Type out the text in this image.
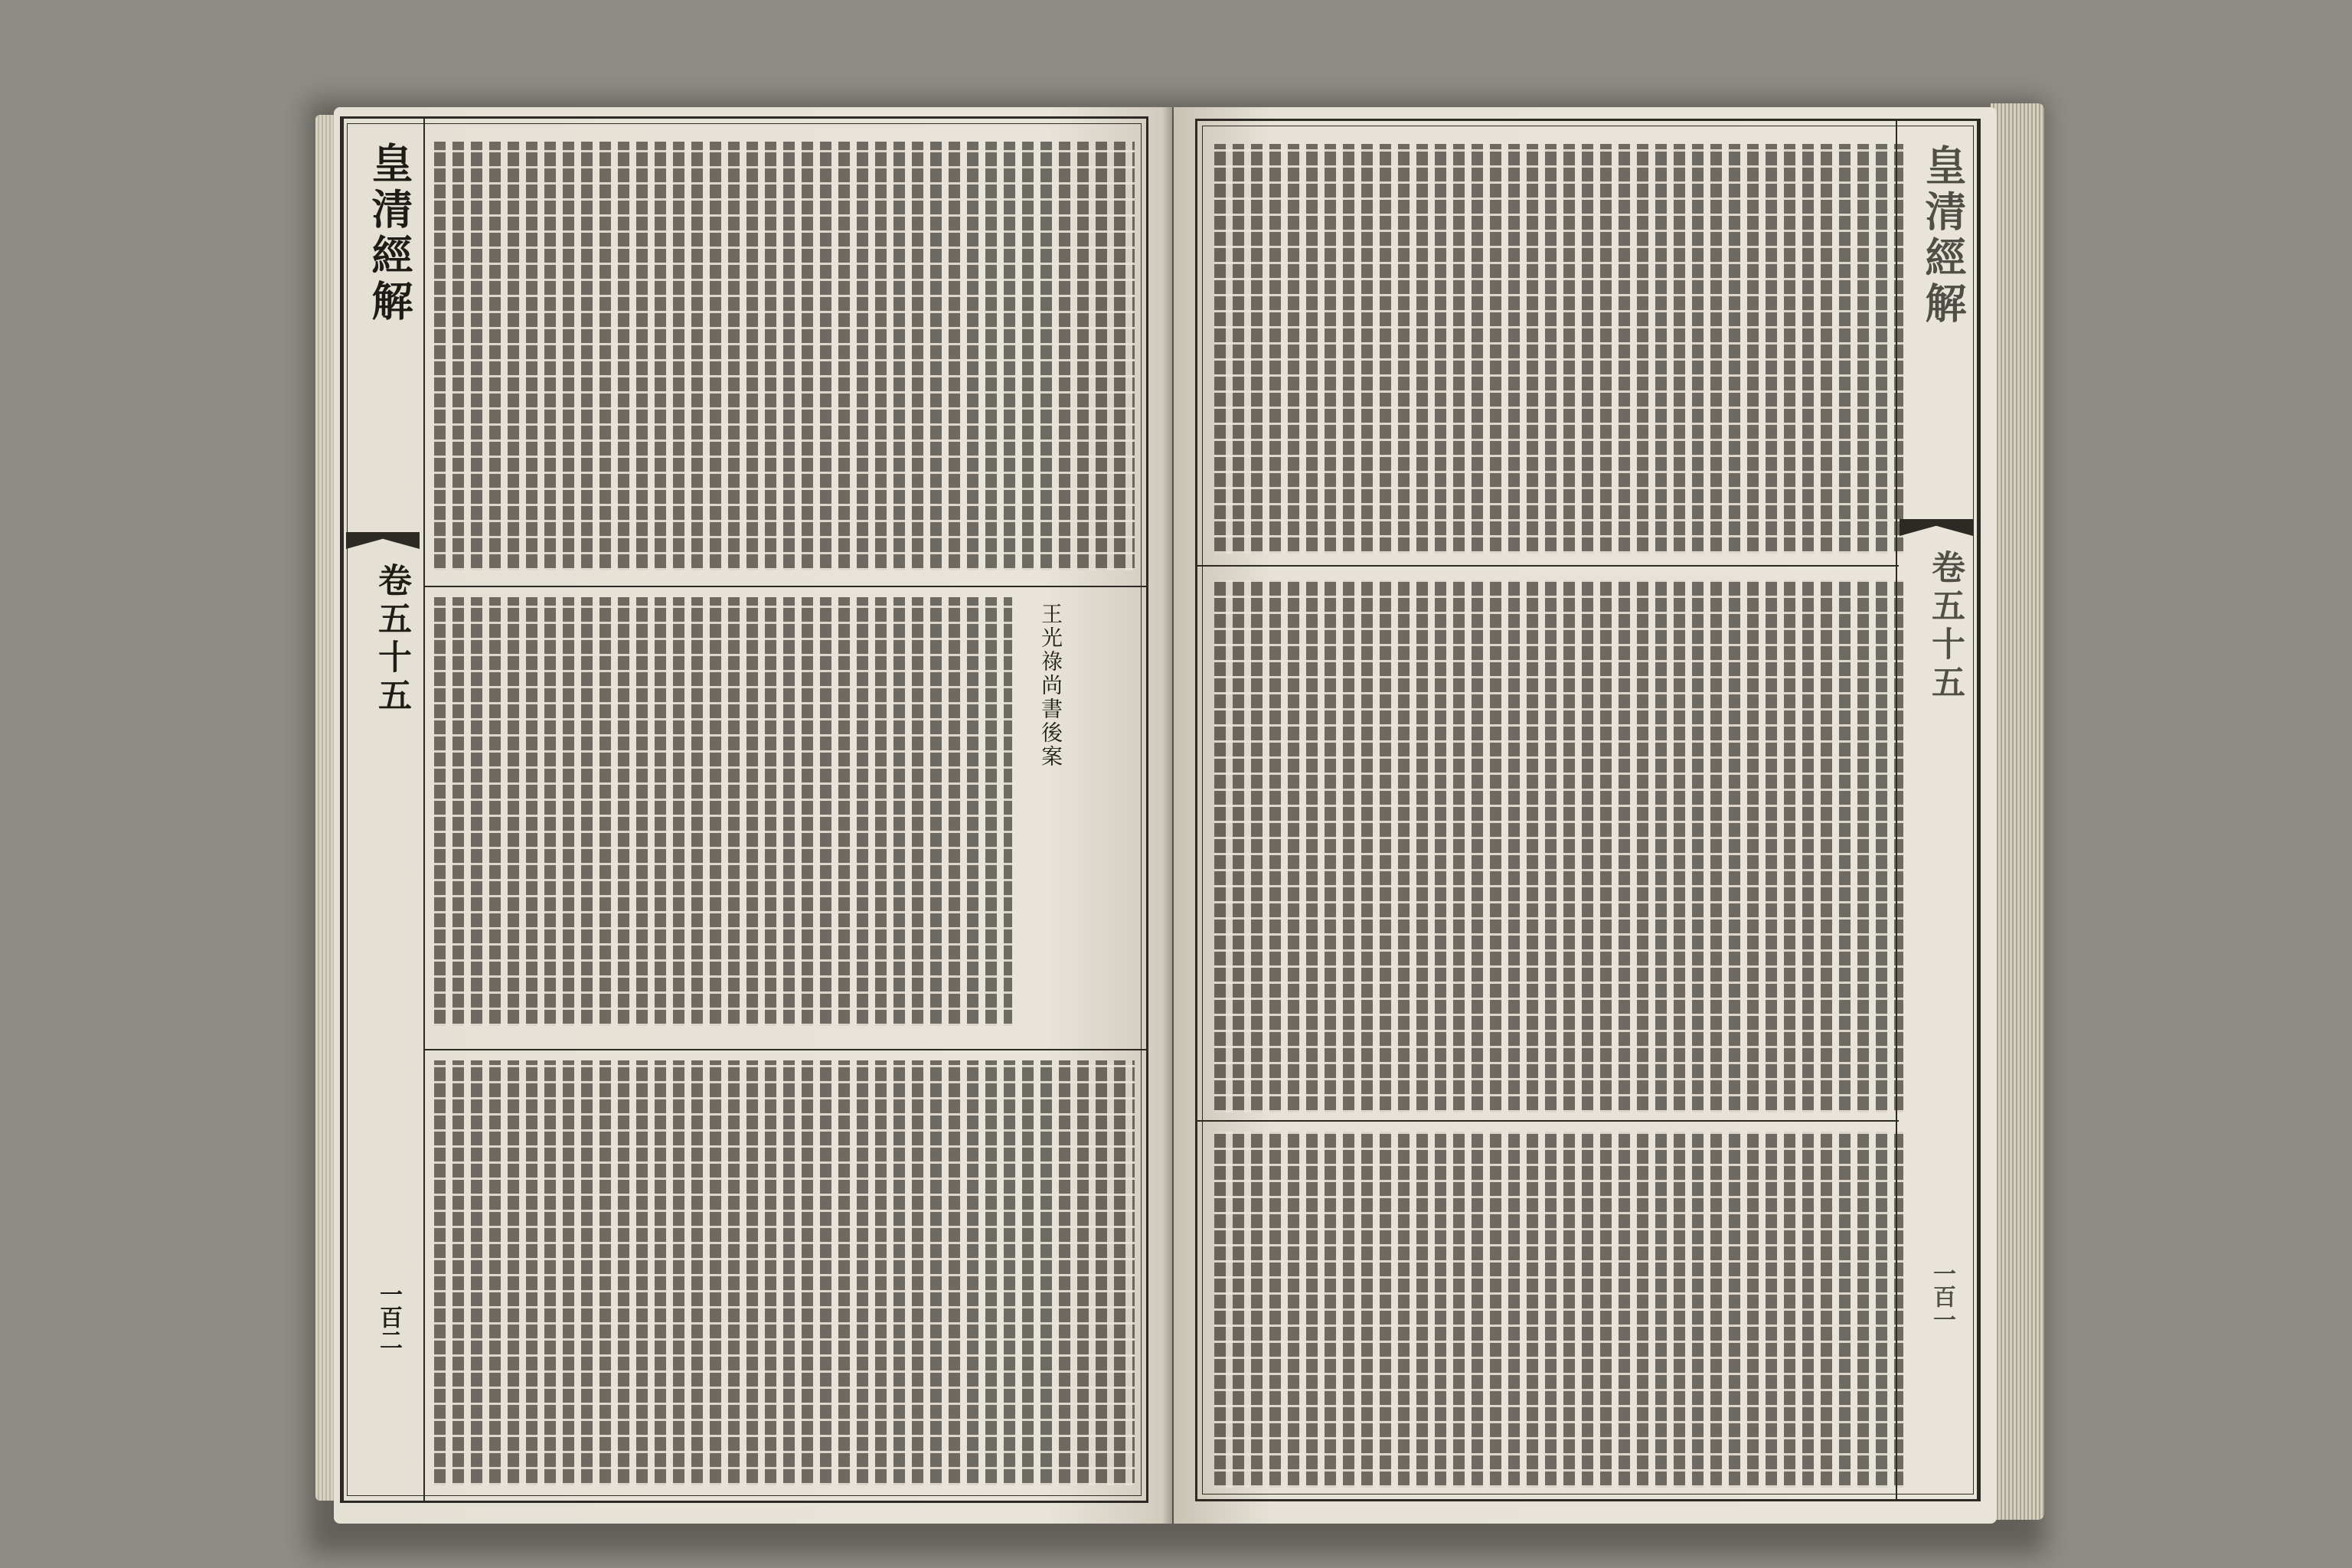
皇清經解
卷五十五
一百二
王光祿尚書後案
皇清經解
卷五十五
一百一
